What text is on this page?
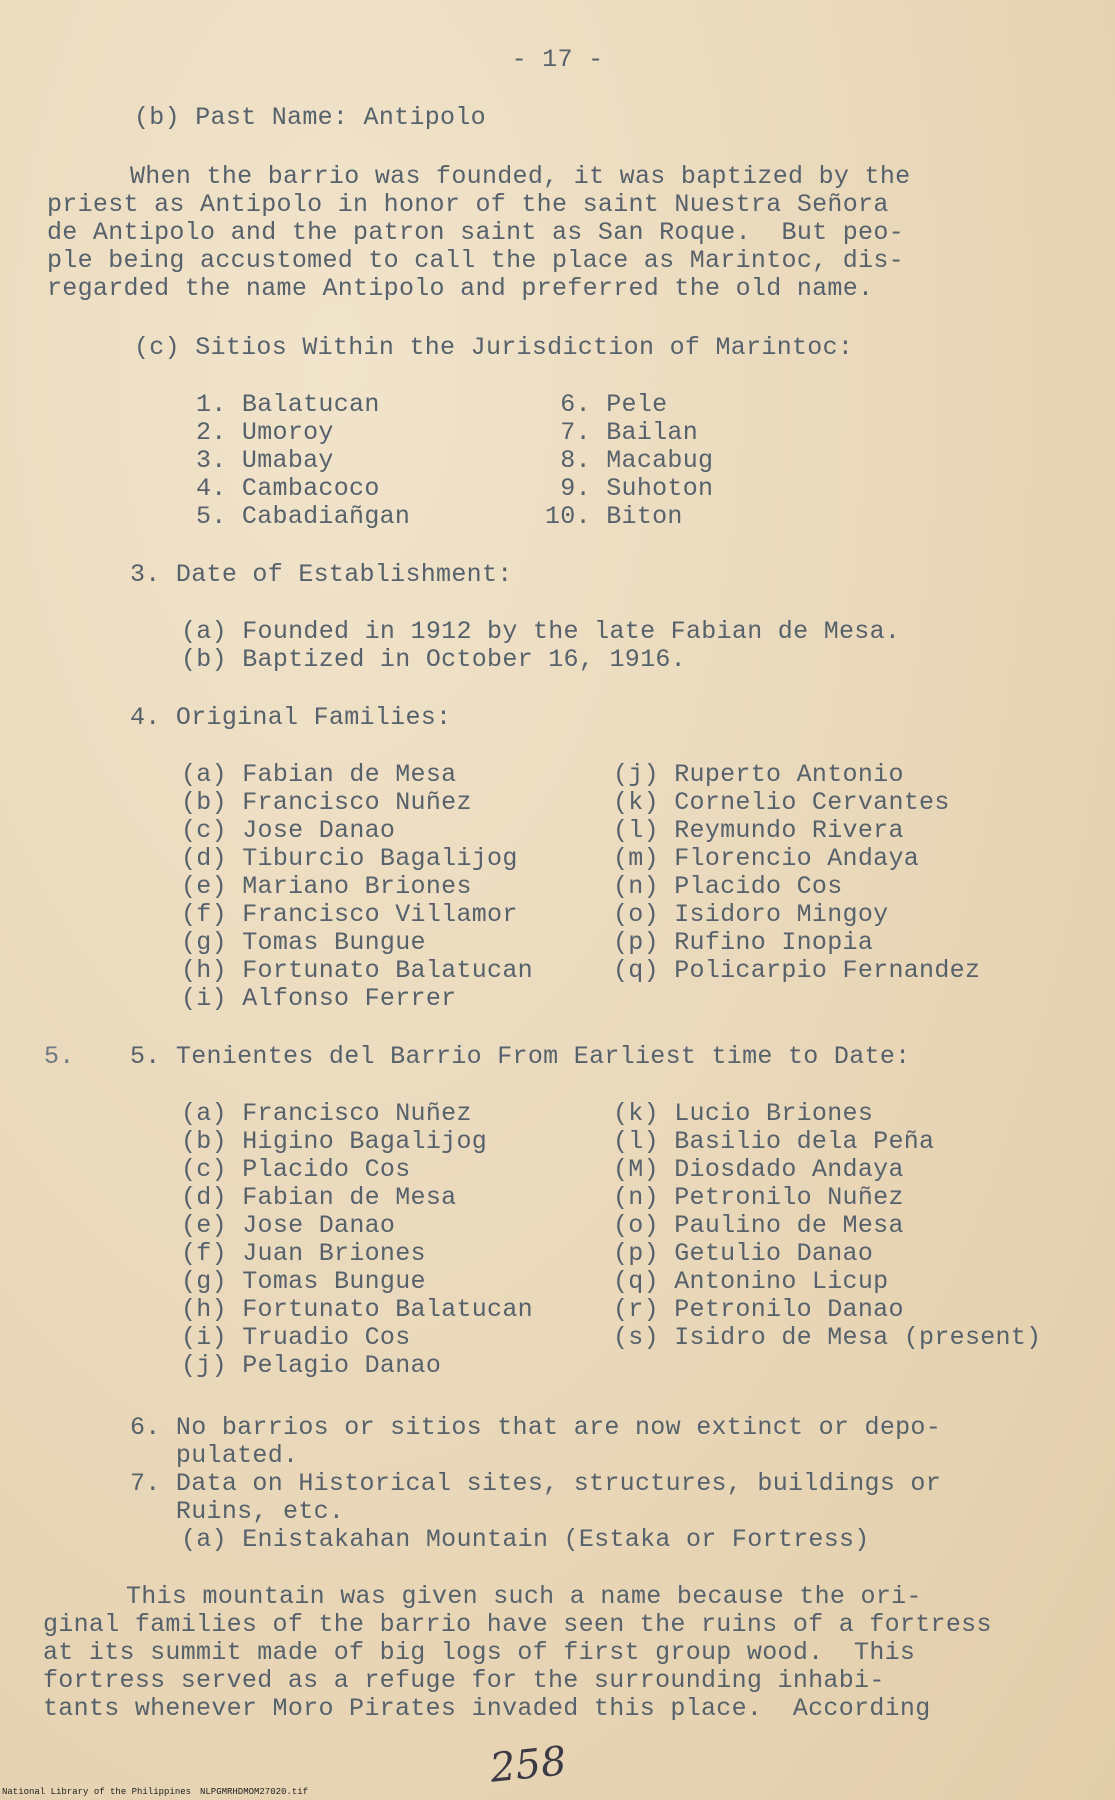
- 17 -
(b) Past Name: Antipolo
When the barrio was founded, it was baptized by the
priest as Antipolo in honor of the saint Nuestra Señora
de Antipolo and the patron saint as San Roque.  But peo-
ple being accustomed to call the place as Marintoc, dis-
regarded the name Antipolo and preferred the old name.
(c) Sitios Within the Jurisdiction of Marintoc:
1. Balatucan
2. Umoroy
3. Umabay
4. Cambacoco
5. Cabadiañgan
6. Pele
7. Bailan
8. Macabug
9. Suhoton
10. Biton
3. Date of Establishment:
(a) Founded in 1912 by the late Fabian de Mesa.
(b) Baptized in October 16, 1916.
4. Original Families:
(a) Fabian de Mesa
(b) Francisco Nuñez
(c) Jose Danao
(d) Tiburcio Bagalijog
(e) Mariano Briones
(f) Francisco Villamor
(g) Tomas Bungue
(h) Fortunato Balatucan
(i) Alfonso Ferrer
(j) Ruperto Antonio
(k) Cornelio Cervantes
(l) Reymundo Rivera
(m) Florencio Andaya
(n) Placido Cos
(o) Isidoro Mingoy
(p) Rufino Inopia
(q) Policarpio Fernandez
5. 5. Tenientes del Barrio From Earliest time to Date:
(a) Francisco Nuñez
(b) Higino Bagalijog
(c) Placido Cos
(d) Fabian de Mesa
(e) Jose Danao
(f) Juan Briones
(g) Tomas Bungue
(h) Fortunato Balatucan
(i) Truadio Cos
(j) Pelagio Danao
(k) Lucio Briones
(l) Basilio dela Peña
(M) Diosdado Andaya
(n) Petronilo Nuñez
(o) Paulino de Mesa
(p) Getulio Danao
(q) Antonino Licup
(r) Petronilo Danao
(s) Isidro de Mesa (present)
6. No barrios or sitios that are now extinct or depo-
pulated.
7. Data on Historical sites, structures, buildings or
Ruins, etc.
(a) Enistakahan Mountain (Estaka or Fortress)
This mountain was given such a name because the ori-
ginal families of the barrio have seen the ruins of a fortress
at its summit made of big logs of first group wood.  This
fortress served as a refuge for the surrounding inhabi-
tants whenever Moro Pirates invaded this place.  According
258
National Library of the Philippines NLPGMRHDMOM27020.tif
